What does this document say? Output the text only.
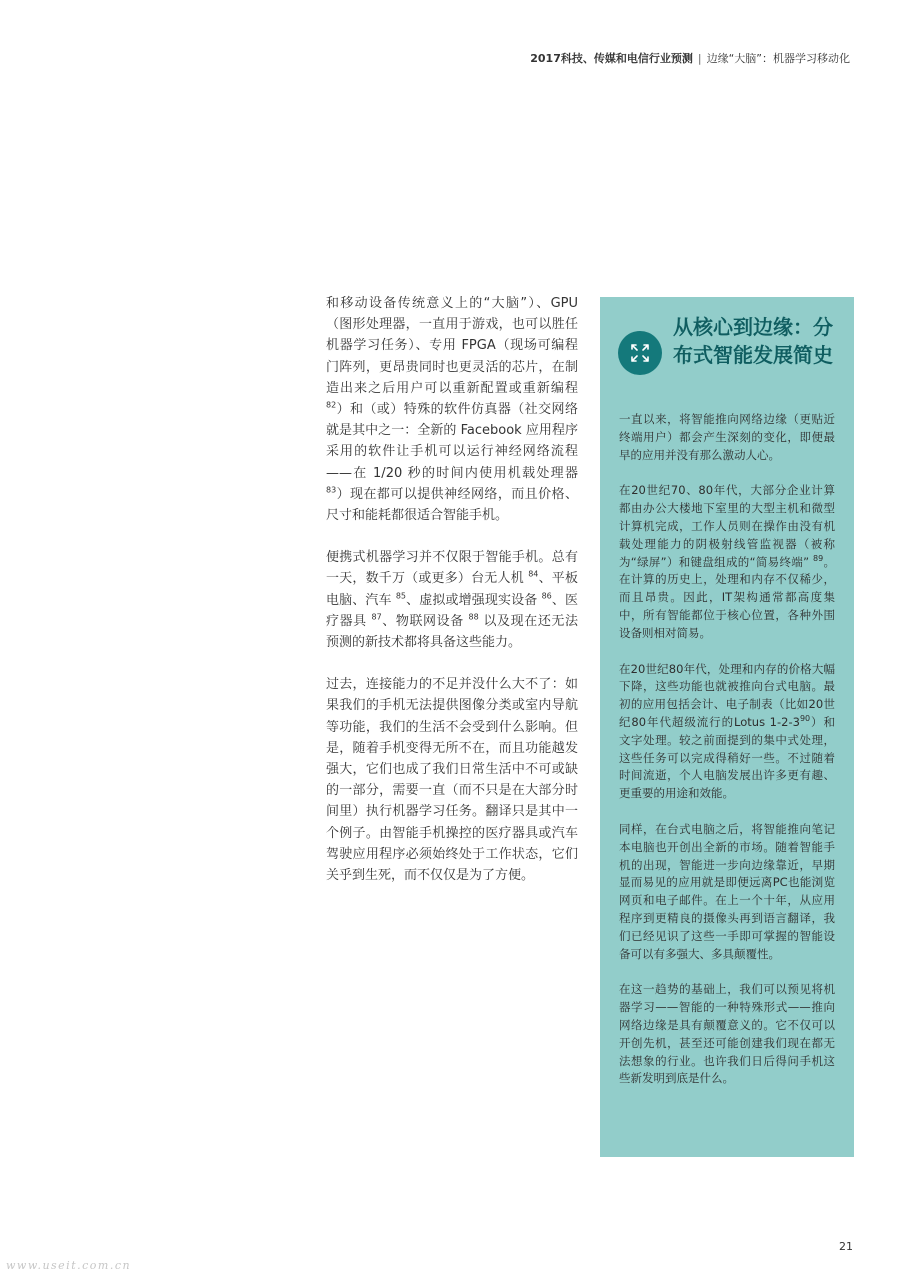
2017科技、传媒和电信行业预测 | 边缘“大脑”：机器学习移动化

和移动设备传统意义上的“大脑”）、GPU（图形处理器，一直用于游戏，也可以胜任机器学习任务）、专用 FPGA（现场可编程门阵列，更昂贵同时也更灵活的芯片，在制造出来之后用户可以重新配置或重新编程 $^{82}$）和（或）特殊的软件仿真器（社交网络就是其中之一：全新的 Facebook 应用程序采用的软件让手机可以运行神经网络流程——在 1/20 秒的时间内使用机载处理器 $^{83}$）现在都可以提供神经网络，而且价格、尺寸和能耗都很适合智能手机。

便携式机器学习并不仅限于智能手机。总有一天，数千万（或更多）台无人机 $^{84}$、平板电脑、汽车 $^{85}$、虚拟或增强现实设备 $^{86}$、医疗器具 $^{87}$、物联网设备 $^{88}$ 以及现在还无法预测的新技术都将具备这些能力。

过去，连接能力的不足并没什么大不了：如果我们的手机无法提供图像分类或室内导航等功能，我们的生活不会受到什么影响。但是，随着手机变得无所不在，而且功能越发强大，它们也成了我们日常生活中不可或缺的一部分，需要一直（而不只是在大部分时间里）执行机器学习任务。翻译只是其中一个例子。由智能手机操控的医疗器具或汽车驾驶应用程序必须始终处于工作状态，它们关乎到生死，而不仅仅是为了方便。

从核心到边缘：分布式智能发展简史

一直以来，将智能推向网络边缘（更贴近终端用户）都会产生深刻的变化，即便最早的应用并没有那么激动人心。

在20世纪70、80年代，大部分企业计算都由办公大楼地下室里的大型主机和微型计算机完成，工作人员则在操作由没有机载处理能力的阴极射线管监视器（被称为“绿屏”）和键盘组成的“简易终端” $^{89}$。在计算的历史上，处理和内存不仅稀少，而且昂贵。因此，IT架构通常都高度集中，所有智能都位于核心位置，各种外围设备则相对简易。

在20世纪80年代，处理和内存的价格大幅下降，这些功能也就被推向台式电脑。最初的应用包括会计、电子制表（比如20世纪80年代超级流行的Lotus $1-2-3^{90}$）和文字处理。较之前面提到的集中式处理，这些任务可以完成得稍好一些。不过随着时间流逝，个人电脑发展出许多更有趣、更重要的用途和效能。

同样，在台式电脑之后，将智能推向笔记本电脑也开创出全新的市场。随着智能手机的出现，智能进一步向边缘靠近，早期显而易见的应用就是即便远离PC也能浏览网页和电子邮件。在上一个十年，从应用程序到更精良的摄像头再到语言翻译，我们已经见识了这些一手即可掌握的智能设备可以有多强大、多具颠覆性。

在这一趋势的基础上，我们可以预见将机器学习——智能的一种特殊形式——推向网络边缘是具有颠覆意义的。它不仅可以开创先机，甚至还可能创建我们现在都无法想象的行业。也许我们日后得问手机这些新发明到底是什么。

21
www.useit.com.cn
